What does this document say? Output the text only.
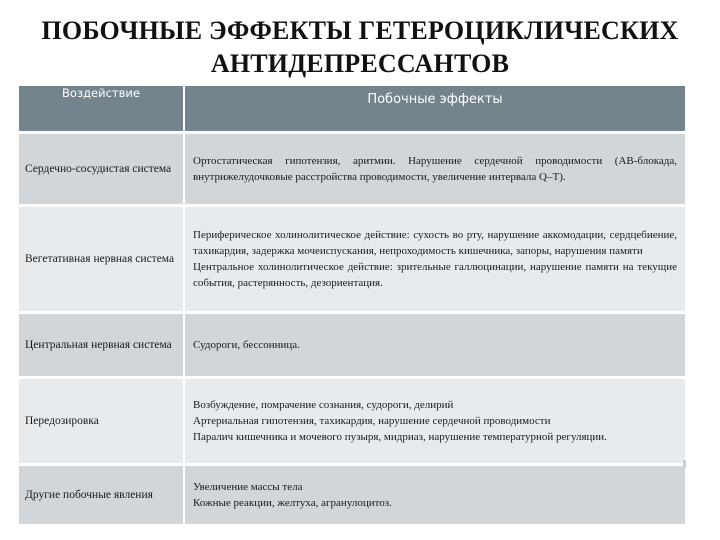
ПОБОЧНЫЕ ЭФФЕКТЫ ГЕТЕРОЦИКЛИЧЕСКИХ
АНТИДЕПРЕССАНТОВ
Воздействие	Побочные эффекты
Сердечно-сосудистая система	Ортостатическая гипотензия, аритмии. Нарушение сердечной проводимости (АВ-блокада, внутрижелудочковые расстройства проводимости, увеличение интервала Q–T).

Вегетативная нервная система	Периферическое холинолитическое действие: сухость во рту, нарушение аккомодации, сердцебиение, тахикардия, задержка мочеиспускания, непроходимость кишечника, запоры, нарушения памяти

Центральное холинолитическое действие: зрительные галлюцинации, нарушение памяти на текущие события, растерянность, дезориентация.

Центральная нервная система	Судороги, бессонница.

Передозировка	Возбуждение, помрачение сознания, судороги, делирий

Артериальная гипотензия, тахикардия, нарушение сердечной проводимости

Паралич кишечника и мочевого пузыря, мидриаз, нарушение температурной регуляции.

Другие побочные явления	Увеличение массы тела

Кожные реакции, желтуха, агранулоцитоз.
